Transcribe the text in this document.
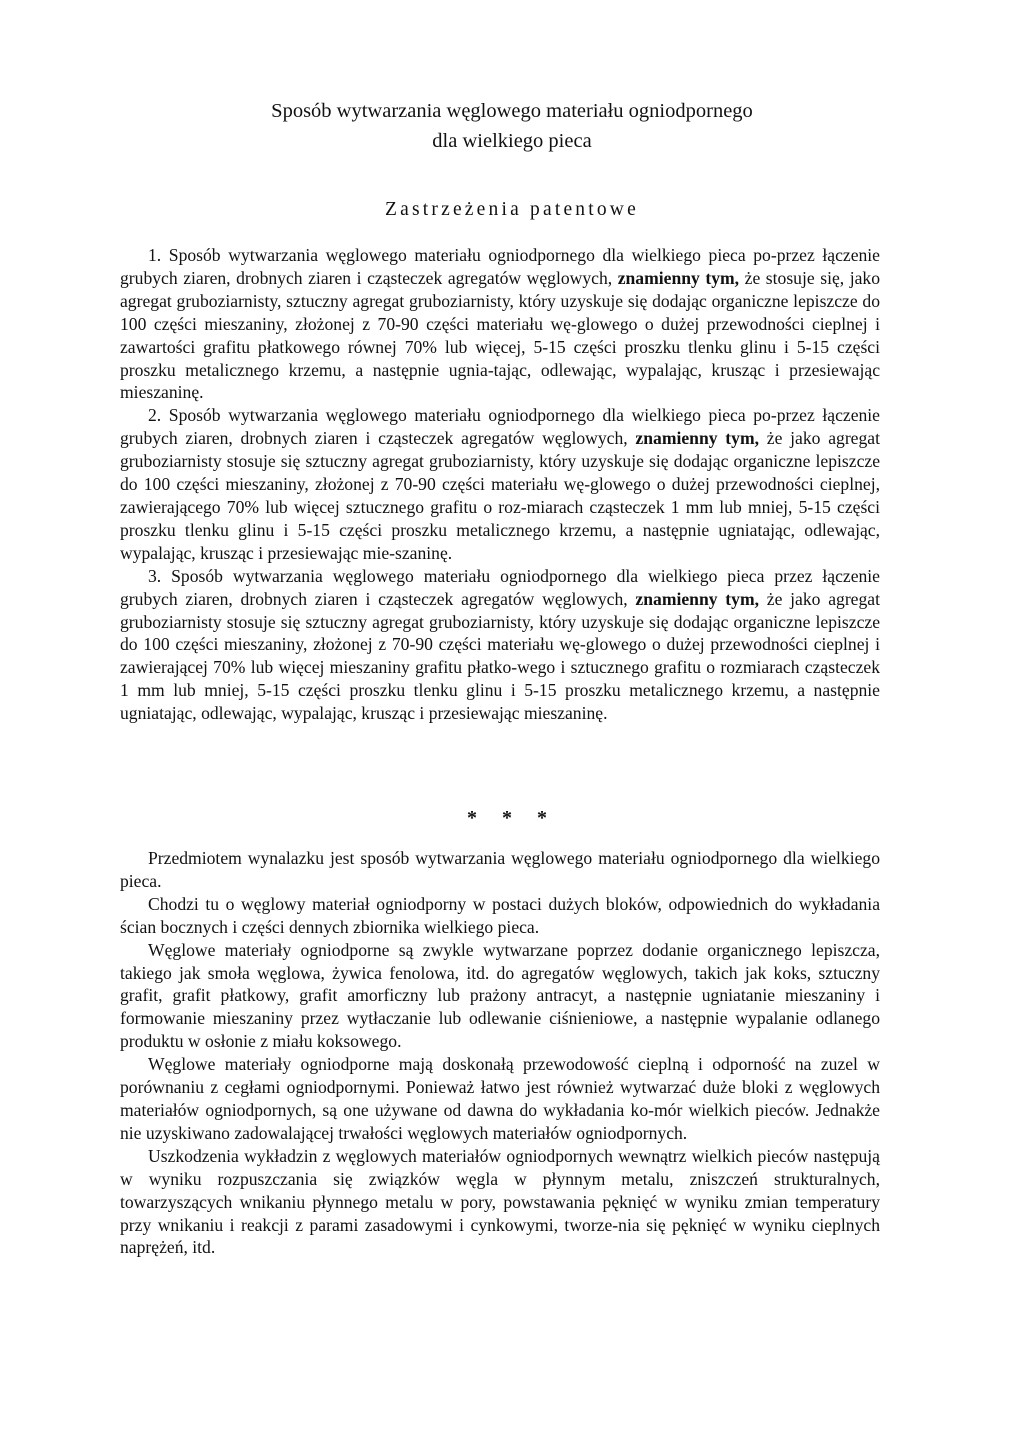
Sposób wytwarzania węglowego materiału ogniodpornego
dla wielkiego pieca
Zastrzeżenia patentowe

1. Sposób wytwarzania węglowego materiału ogniodpornego dla wielkiego pieca po-przez łączenie grubych ziaren, drobnych ziaren i cząsteczek agregatów węglowych, znamienny tym, że stosuje się, jako agregat gruboziarnisty, sztuczny agregat gruboziarnisty, który uzyskuje się dodając organiczne lepiszcze do 100 części mieszaniny, złożonej z 70-90 części materiału wę-glowego o dużej przewodności cieplnej i zawartości grafitu płatkowego równej 70% lub więcej, 5-15 części proszku tlenku glinu i 5-15 części proszku metalicznego krzemu, a następnie ugnia-tając, odlewając, wypalając, krusząc i przesiewając mieszaninę.

2. Sposób wytwarzania węglowego materiału ogniodpornego dla wielkiego pieca po-przez łączenie grubych ziaren, drobnych ziaren i cząsteczek agregatów węglowych, znamienny tym, że jako agregat gruboziarnisty stosuje się sztuczny agregat gruboziarnisty, który uzyskuje się dodając organiczne lepiszcze do 100 części mieszaniny, złożonej z 70-90 części materiału wę-glowego o dużej przewodności cieplnej, zawierającego 70% lub więcej sztucznego grafitu o roz-miarach cząsteczek 1 mm lub mniej, 5-15 części proszku tlenku glinu i 5-15 części proszku metalicznego krzemu, a następnie ugniatając, odlewając, wypalając, krusząc i przesiewając mie-szaninę.

3. Sposób wytwarzania węglowego materiału ogniodpornego dla wielkiego pieca przez łączenie grubych ziaren, drobnych ziaren i cząsteczek agregatów węglowych, znamienny tym, że jako agregat gruboziarnisty stosuje się sztuczny agregat gruboziarnisty, który uzyskuje się dodając organiczne lepiszcze do 100 części mieszaniny, złożonej z 70-90 części materiału wę-glowego o dużej przewodności cieplnej i zawierającej 70% lub więcej mieszaniny grafitu płatko-wego i sztucznego grafitu o rozmiarach cząsteczek 1 mm lub mniej, 5-15 części proszku tlenku glinu i 5-15 proszku metalicznego krzemu, a następnie ugniatając, odlewając, wypalając, krusząc i przesiewając mieszaninę.

* * *

Przedmiotem wynalazku jest sposób wytwarzania węglowego materiału ogniodpornego dla wielkiego pieca.

Chodzi tu o węglowy materiał ogniodporny w postaci dużych bloków, odpowiednich do wykładania ścian bocznych i części dennych zbiornika wielkiego pieca.

Węglowe materiały ogniodporne są zwykle wytwarzane poprzez dodanie organicznego lepiszcza, takiego jak smoła węglowa, żywica fenolowa, itd. do agregatów węglowych, takich jak koks, sztuczny grafit, grafit płatkowy, grafit amorficzny lub prażony antracyt, a następnie ugniatanie mieszaniny i formowanie mieszaniny przez wytłaczanie lub odlewanie ciśnieniowe, a następnie wypalanie odlanego produktu w osłonie z miału koksowego.

Węglowe materiały ogniodporne mają doskonałą przewodowość cieplną i odporność na zuzel w porównaniu z cegłami ogniodpornymi. Ponieważ łatwo jest również wytwarzać duże bloki z węglowych materiałów ogniodpornych, są one używane od dawna do wykładania ko-mór wielkich pieców. Jednakże nie uzyskiwano zadowalającej trwałości węglowych materiałów ogniodpornych.

Uszkodzenia wykładzin z węglowych materiałów ogniodpornych wewnątrz wielkich pieców następują w wyniku rozpuszczania się związków węgla w płynnym metalu, zniszczeń strukturalnych, towarzyszących wnikaniu płynnego metalu w pory, powstawania pęknięć w wyniku zmian temperatury przy wnikaniu i reakcji z parami zasadowymi i cynkowymi, tworze-nia się pęknięć w wyniku cieplnych naprężeń, itd.
